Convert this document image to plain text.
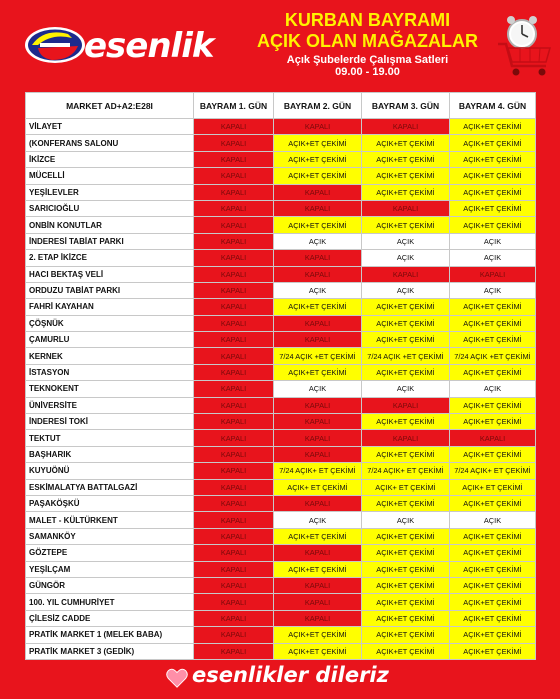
esenlik
KURBAN BAYRAMI
AÇIK OLAN MAĞAZALAR
Açık Şubelerde Çalışma Satleri
09.00 - 19.00
MARKET AD+A2:E28I	BAYRAM 1. GÜN	BAYRAM 2. GÜN	BAYRAM 3. GÜN	BAYRAM 4. GÜN
VİLAYET	KAPALI	KAPALI	KAPALI	AÇIK+ET ÇEKİMİ
(KONFERANS SALONU	KAPALI	AÇIK+ET ÇEKİMİ	AÇIK+ET ÇEKİMİ	AÇIK+ET ÇEKİMİ
İKİZCE	KAPALI	AÇIK+ET ÇEKİMİ	AÇIK+ET ÇEKİMİ	AÇIK+ET ÇEKİMİ
MÜCELLİ	KAPALI	AÇIK+ET ÇEKİMİ	AÇIK+ET ÇEKİMİ	AÇIK+ET ÇEKİMİ
YEŞİLEVLER	KAPALI	KAPALI	AÇIK+ET ÇEKİMİ	AÇIK+ET ÇEKİMİ
SARICIOĞLU	KAPALI	KAPALI	KAPALI	AÇIK+ET ÇEKİMİ
ONBİN KONUTLAR	KAPALI	AÇIK+ET ÇEKİMİ	AÇIK+ET ÇEKİMİ	AÇIK+ET ÇEKİMİ
İNDERESİ TABİAT PARKI	KAPALI	AÇIK	AÇIK	AÇIK
2. ETAP İKİZCE	KAPALI	KAPALI	AÇIK	AÇIK
HACI BEKTAŞ VELİ	KAPALI	KAPALI	KAPALI	KAPALI
ORDUZU TABİAT PARKI	KAPALI	AÇIK	AÇIK	AÇIK
FAHRİ KAYAHAN	KAPALI	AÇIK+ET ÇEKİMİ	AÇIK+ET ÇEKİMİ	AÇIK+ET ÇEKİMİ
ÇÖŞNÜK	KAPALI	KAPALI	AÇIK+ET ÇEKİMİ	AÇIK+ET ÇEKİMİ
ÇAMURLU	KAPALI	KAPALI	AÇIK+ET ÇEKİMİ	AÇIK+ET ÇEKİMİ
KERNEK	KAPALI	7/24 AÇIK +ET ÇEKİMİ	7/24 AÇIK +ET ÇEKİMİ	7/24 AÇIK +ET ÇEKİMİ
İSTASYON	KAPALI	AÇIK+ET ÇEKİMİ	AÇIK+ET ÇEKİMİ	AÇIK+ET ÇEKİMİ
TEKNOKENT	KAPALI	AÇIK	AÇIK	AÇIK
ÜNİVERSİTE	KAPALI	KAPALI	KAPALI	AÇIK+ET ÇEKİMİ
İNDERESİ TOKİ	KAPALI	KAPALI	AÇIK+ET ÇEKİMİ	AÇIK+ET ÇEKİMİ
TEKTUT	KAPALI	KAPALI	KAPALI	KAPALI
BAŞHARIK	KAPALI	KAPALI	AÇIK+ET ÇEKİMİ	AÇIK+ET ÇEKİMİ
KUYUÖNÜ	KAPALI	7/24 AÇIK+ ET ÇEKİMİ	7/24 AÇIK+ ET ÇEKİMİ	7/24 AÇIK+ ET ÇEKİMİ
ESKİMALATYA BATTALGAZİ	KAPALI	AÇIK+ ET ÇEKİMİ	AÇIK+ ET ÇEKİMİ	AÇIK+ ET ÇEKİMİ
PAŞAKÖŞKÜ	KAPALI	KAPALI	AÇIK+ET ÇEKİMİ	AÇIK+ET ÇEKİMİ
MALET - KÜLTÜRKENT	KAPALI	AÇIK	AÇIK	AÇIK
SAMANKÖY	KAPALI	AÇIK+ET ÇEKİMİ	AÇIK+ET ÇEKİMİ	AÇIK+ET ÇEKİMİ
GÖZTEPE	KAPALI	KAPALI	AÇIK+ET ÇEKİMİ	AÇIK+ET ÇEKİMİ
YEŞİLÇAM	KAPALI	AÇIK+ET ÇEKİMİ	AÇIK+ET ÇEKİMİ	AÇIK+ET ÇEKİMİ
GÜNGÖR	KAPALI	KAPALI	AÇIK+ET ÇEKİMİ	AÇIK+ET ÇEKİMİ
100. YIL CUMHURİYET	KAPALI	KAPALI	AÇIK+ET ÇEKİMİ	AÇIK+ET ÇEKİMİ
ÇİLESİZ CADDE	KAPALI	KAPALI	AÇIK+ET ÇEKİMİ	AÇIK+ET ÇEKİMİ
PRATİK MARKET 1 (MELEK BABA)	KAPALI	AÇIK+ET ÇEKİMİ	AÇIK+ET ÇEKİMİ	AÇIK+ET ÇEKİMİ
PRATİK MARKET 3 (GEDİK)	KAPALI	AÇIK+ET ÇEKİMİ	AÇIK+ET ÇEKİMİ	AÇIK+ET ÇEKİMİ
esenlikler dileriz
